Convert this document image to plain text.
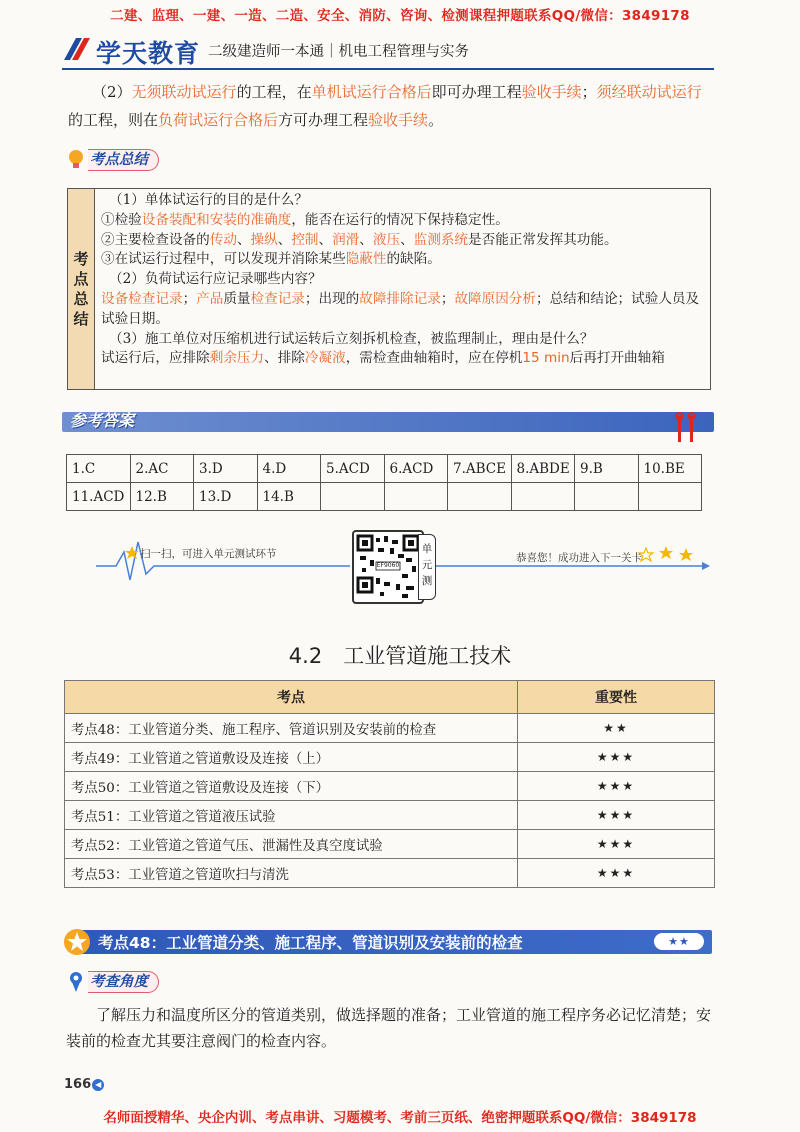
二建、监理、一建、一造、二造、安全、消防、咨询、检测课程押题联系QQ/微信：3849178
学天教育 二级建造师一本通｜机电工程管理与实务
（2）无须联动试运行的工程，在单机试运行合格后即可办理工程验收手续；须经联动试运行的工程，则在负荷试运行合格后方可办理工程验收手续。
考点总结
考
点
总
结

（1）单体试运行的目的是什么？

①检验设备装配和安装的准确度，能否在运行的情况下保持稳定性。

②主要检查设备的传动、操纵、控制、润滑、液压、监测系统是否能正常发挥其功能。

③在试运行过程中，可以发现并消除某些隐蔽性的缺陷。

（2）负荷试运行应记录哪些内容？

设备检查记录；产品质量检查记录；出现的故障排除记录；故障原因分析；总结和结论；试验人员及试验日期。

（3）施工单位对压缩机进行试运转后立刻拆机检查，被监理制止，理由是什么？

试运行后，应排除剩余压力、排除冷凝液，需检查曲轴箱时，应在停机15 min后再打开曲轴箱

参考答案
1.C	2.AC	3.D	4.D	5.ACD	6.ACD	7.ABCE	8.ABDE	9.B	10.BE
11.ACD	12.B	13.D	14.B						
扫一扫，可进入单元测试环节
EF9060
单
元
测
恭喜您！成功进入下一关卡
4.2　工业管道施工技术
考点	重要性
考点48：工业管道分类、施工程序、管道识别及安装前的检查	★★
考点49：工业管道之管道敷设及连接（上）	★★★
考点50：工业管道之管道敷设及连接（下）	★★★
考点51：工业管道之管道液压试验	★★★
考点52：工业管道之管道气压、泄漏性及真空度试验	★★★
考点53：工业管道之管道吹扫与清洗	★★★
考点48：工业管道分类、施工程序、管道识别及安装前的检查	★★
考查角度
了解压力和温度所区分的管道类别，做选择题的准备；工业管道的施工程序务必记忆清楚；安装前的检查尤其要注意阀门的检查内容。
166 ◀
名师面授精华、央企内训、考点串讲、习题模考、考前三页纸、绝密押题联系QQ/微信：3849178
